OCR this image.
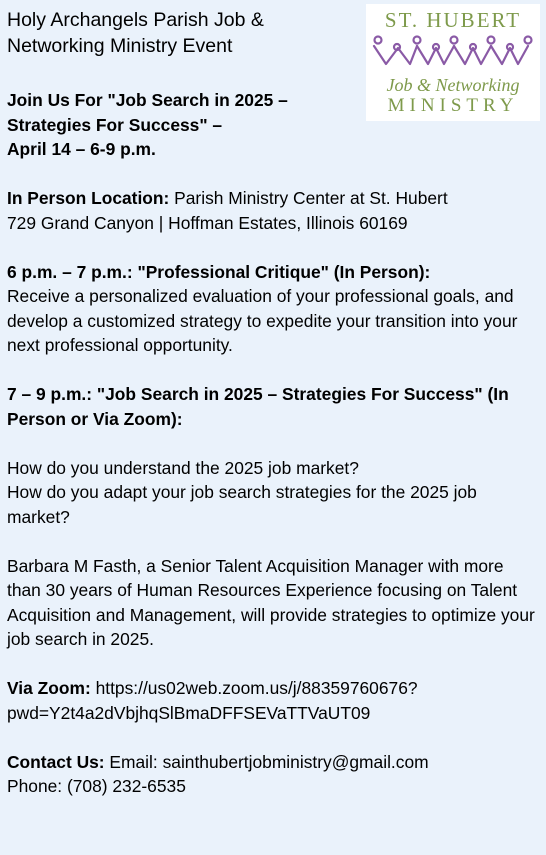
Holy Archangels Parish Job & Networking Ministry Event
ST. HUBERT
Job & Networking
MINISTRY

Join Us For "Job Search in 2025 –

Strategies For Success" –

April 14 – 6-9 p.m.

In Person Location: Parish Ministry Center at St. Hubert

729 Grand Canyon | Hoffman Estates, Illinois 60169

6 p.m. – 7 p.m.: "Professional Critique" (In Person):

Receive a personalized evaluation of your professional goals, and develop a customized strategy to expedite your transition into your next professional opportunity.

7 – 9 p.m.: "Job Search in 2025 – Strategies For Success" (In Person or Via Zoom):

How do you understand the 2025 job market?

How do you adapt your job search strategies for the 2025 job market?

Barbara M Fasth, a Senior Talent Acquisition Manager with more than 30 years of Human Resources Experience focusing on Talent Acquisition and Management, will provide strategies to optimize your job search in 2025.

Via Zoom: https://us02web.zoom.us/j/88359760676?

pwd=Y2t4a2dVbjhqSlBmaDFFSEVaTTVaUT09

Contact Us: Email: sainthubertjobministry@gmail.com

Phone: (708) 232-6535
